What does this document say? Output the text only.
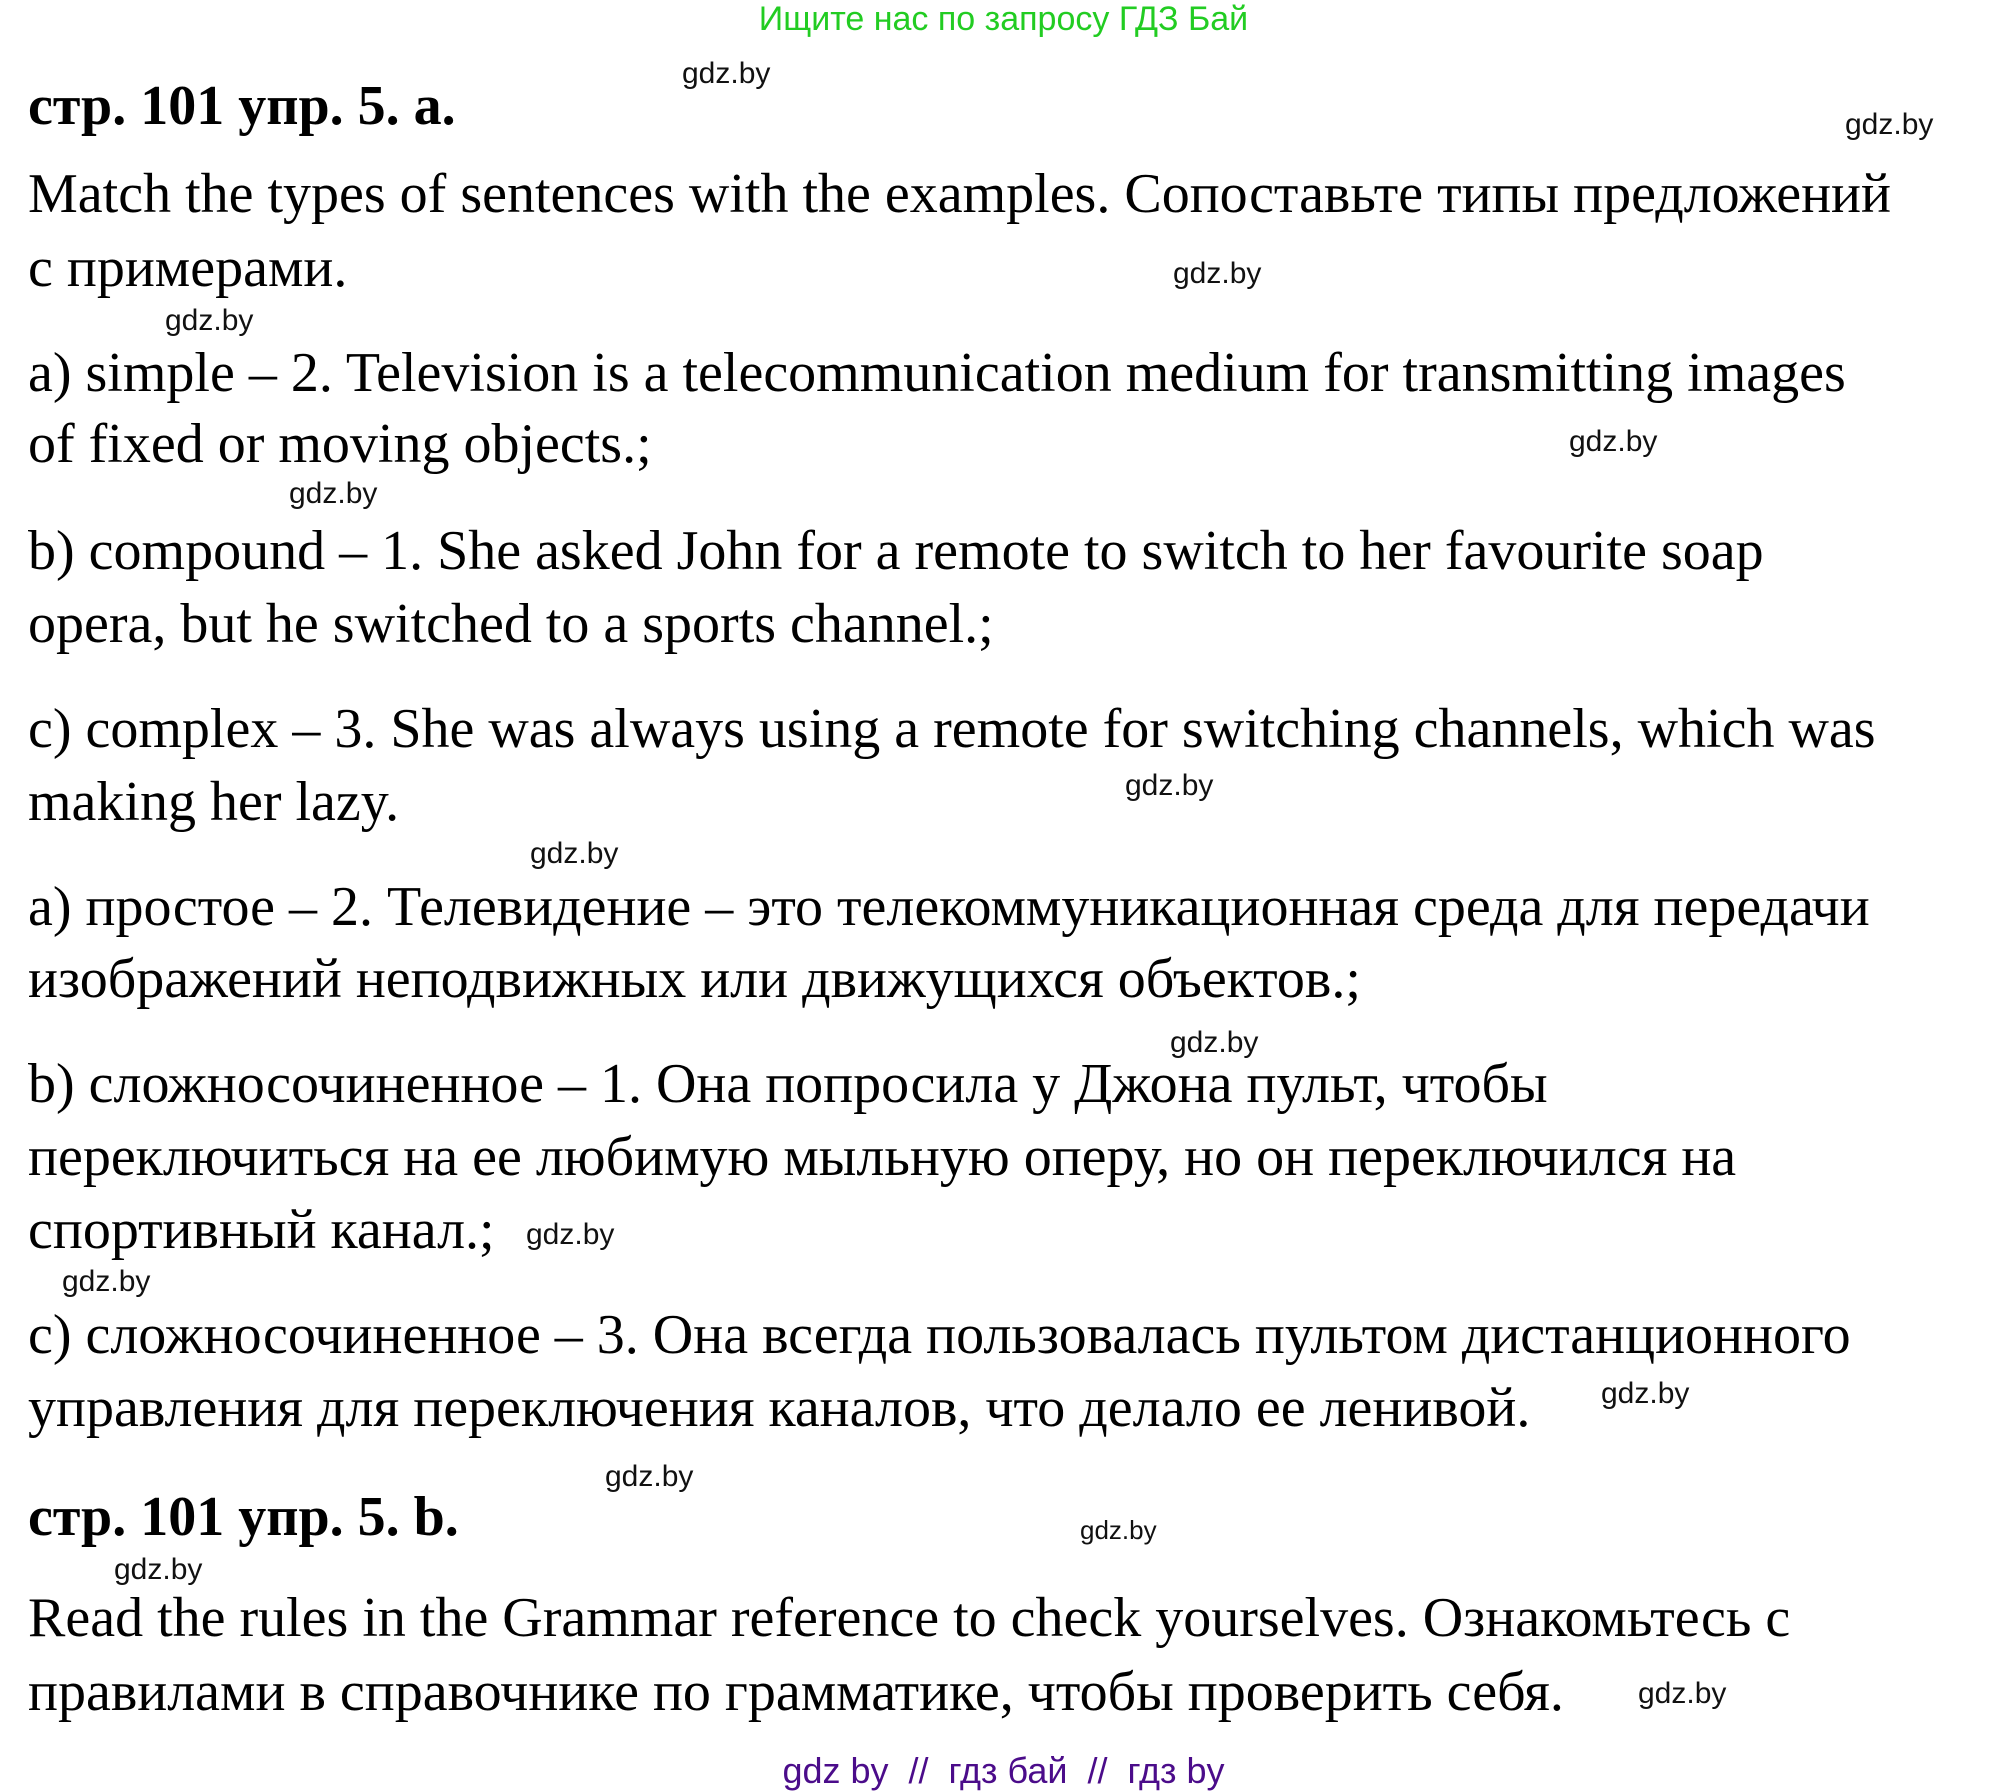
Ищите нас по запросу ГДЗ Бай
стр. 101 упр. 5. a.
Match the types of sentences with the examples. Сопоставьте типы предложений
с примерами.
a) simple – 2. Television is a telecommunication medium for transmitting images
of fixed or moving objects.;
b) compound – 1. She asked John for a remote to switch to her favourite soap
opera, but he switched to a sports channel.;
c) complex – 3. She was always using a remote for switching channels, which was
making her lazy.
a) простое – 2. Телевидение – это телекоммуникационная среда для передачи
изображений неподвижных или движущихся объектов.;
b) сложносочиненное – 1. Она попросила у Джона пульт, чтобы
переключиться на ее любимую мыльную оперу, но он переключился на
спортивный канал.;
c) сложносочиненное – 3. Она всегда пользовалась пультом дистанционного
управления для переключения каналов, что делало ее ленивой.
стр. 101 упр. 5. b.
Read the rules in the Grammar reference to check yourselves. Ознакомьтесь с
правилами в справочнике по грамматике, чтобы проверить себя.
gdz.by
gdz.by
gdz.by
gdz.by
gdz.by
gdz.by
gdz.by
gdz.by
gdz.by
gdz.by
gdz.by
gdz.by
gdz.by
gdz.by
gdz.by
gdz.by
gdz by  //  гдз бай  //  гдз by
